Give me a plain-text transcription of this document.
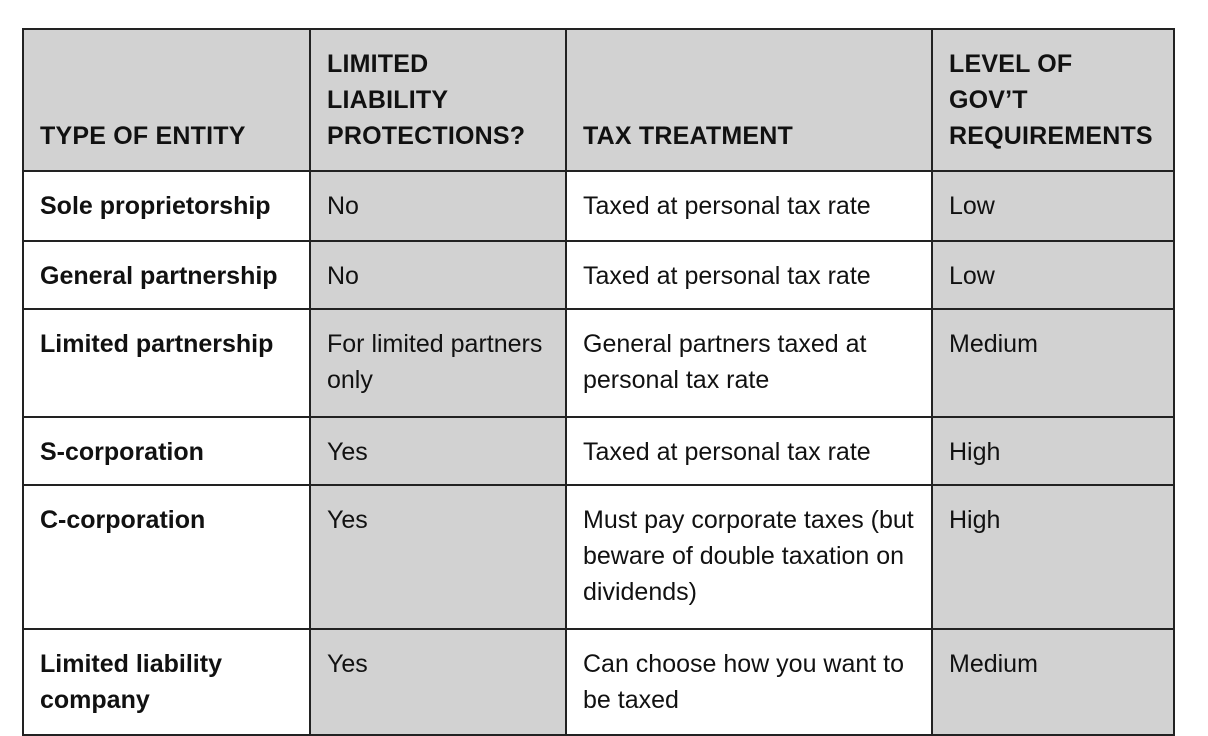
TYPE OF ENTITY	LIMITED LIABILITY PROTECTIONS?	TAX TREATMENT	LEVEL OF GOV’T REQUIREMENTS
Sole proprietorship	No	Taxed at personal tax rate	Low
General partnership	No	Taxed at personal tax rate	Low
Limited partnership	For limited partners only	General partners taxed at personal tax rate	Medium
S-corporation	Yes	Taxed at personal tax rate	High
C-corporation	Yes	Must pay corporate taxes (but beware of double taxation on dividends)	High
Limited liability company	Yes	Can choose how you want to be taxed	Medium
